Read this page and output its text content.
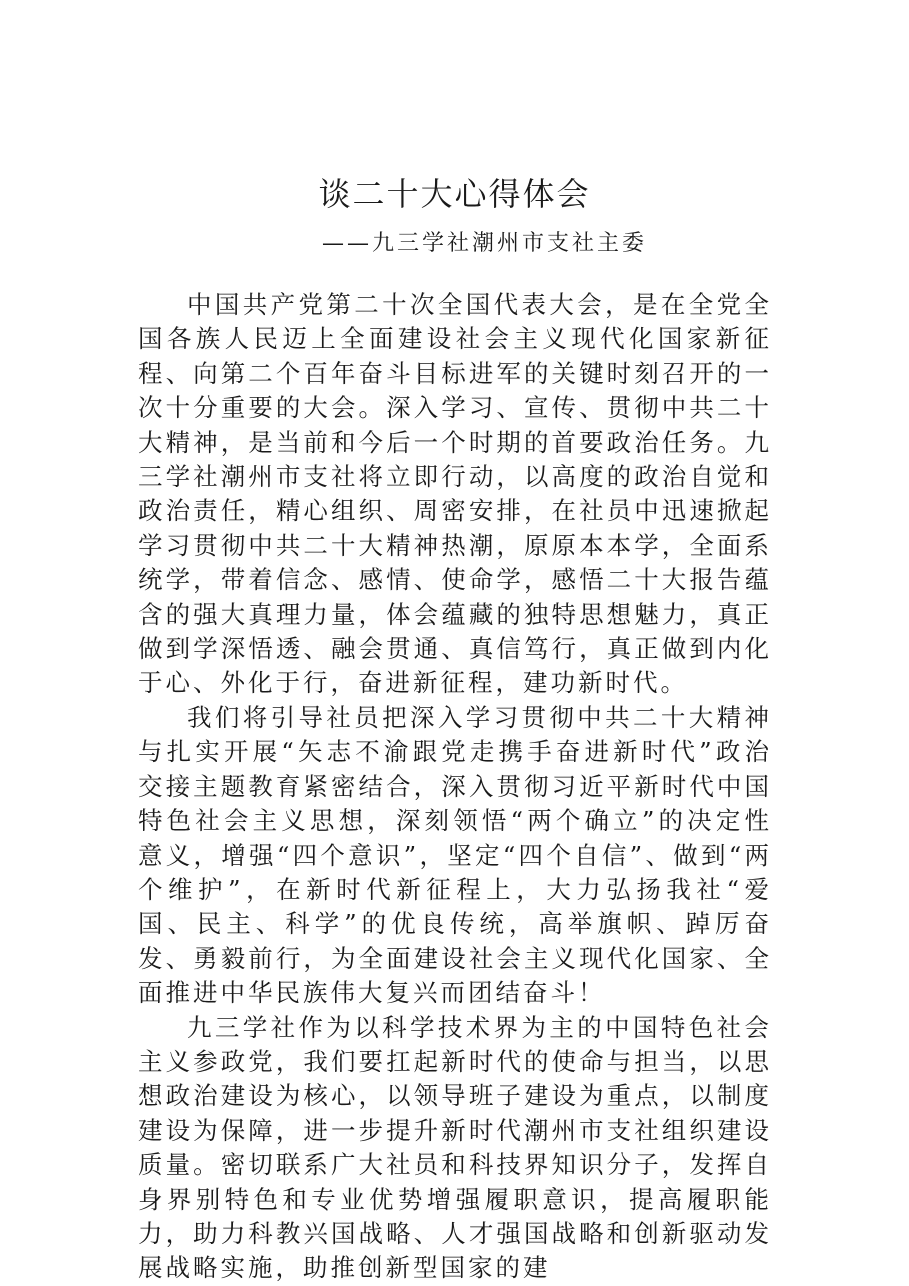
谈二十大心得体会
——九三学社潮州市支社主委

中国共产党第二十次全国代表大会，是在全党全国各族人民迈上全面建设社会主义现代化国家新征程、向第二个百年奋斗目标进军的关键时刻召开的一次十分重要的大会。深入学习、宣传、贯彻中共二十大精神，是当前和今后一个时期的首要政治任务。九三学社潮州市支社将立即行动，以高度的政治自觉和政治责任，精心组织、周密安排，在社员中迅速掀起学习贯彻中共二十大精神热潮，原原本本学，全面系统学，带着信念、感情、使命学，感悟二十大报告蕴含的强大真理力量，体会蕴藏的独特思想魅力，真正做到学深悟透、融会贯通、真信笃行，真正做到内化于心、外化于行，奋进新征程，建功新时代。

我们将引导社员把深入学习贯彻中共二十大精神与扎实开展“矢志不渝跟党走携手奋进新时代”政治交接主题教育紧密结合，深入贯彻习近平新时代中国特色社会主义思想，深刻领悟“两个确立”的决定性意义，增强“四个意识”，坚定“四个自信”、做到“两个维护”，在新时代新征程上，大力弘扬我社“爱国、民主、科学”的优良传统，高举旗帜、踔厉奋发、勇毅前行，为全面建设社会主义现代化国家、全面推进中华民族伟大复兴而团结奋斗！

九三学社作为以科学技术界为主的中国特色社会主义参政党，我们要扛起新时代的使命与担当，以思想政治建设为核心，以领导班子建设为重点，以制度建设为保障，进一步提升新时代潮州市支社组织建设质量。密切联系广大社员和科技界知识分子，发挥自身界别特色和专业优势增强履职意识，提高履职能力，助力科教兴国战略、人才强国战略和创新驱动发展战略实施，助推创新型国家的建
